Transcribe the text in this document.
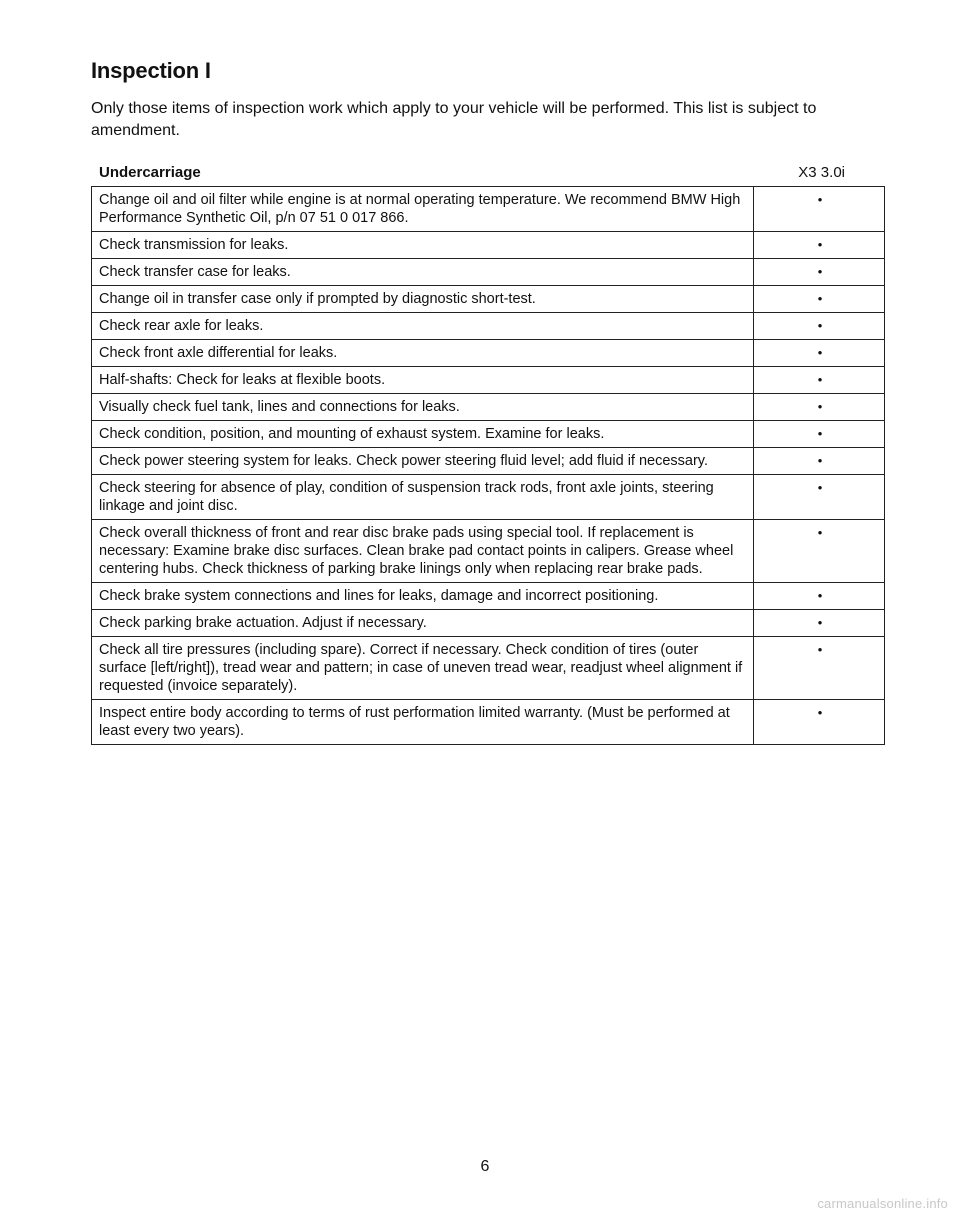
Inspection I

Only those items of inspection work which apply to your vehicle will be performed. This list is subject to amendment.

Undercarriage	X3 3.0i
Change oil and oil filter while engine is at normal operating temperature. We recommend BMW High Performance Synthetic Oil, p/n 07 51 0 017 866.	•
Check transmission for leaks.	•
Check transfer case for leaks.	•
Change oil in transfer case only if prompted by diagnostic short-test.	•
Check rear axle for leaks.	•
Check front axle differential for leaks.	•
Half-shafts: Check for leaks at flexible boots.	•
Visually check fuel tank, lines and connections for leaks.	•
Check condition, position, and mounting of exhaust system. Examine for leaks.	•
Check power steering system for leaks. Check power steering fluid level; add fluid if necessary.	•
Check steering for absence of play, condition of suspension track rods, front axle joints, steering linkage and joint disc.	•
Check overall thickness of front and rear disc brake pads using special tool. If replacement is necessary: Examine brake disc surfaces. Clean brake pad contact points in calipers. Grease wheel centering hubs. Check thickness of parking brake linings only when replacing rear brake pads.	•
Check brake system connections and lines for leaks, damage and incorrect positioning.	•
Check parking brake actuation. Adjust if necessary.	•
Check all tire pressures (including spare). Correct if necessary. Check condition of tires (outer surface [left/right]), tread wear and pattern; in case of uneven tread wear, readjust wheel alignment if requested (invoice separately).	•
Inspect entire body according to terms of rust performation limited warranty. (Must be performed at least every two years).	•
6
carmanualsonline.info
